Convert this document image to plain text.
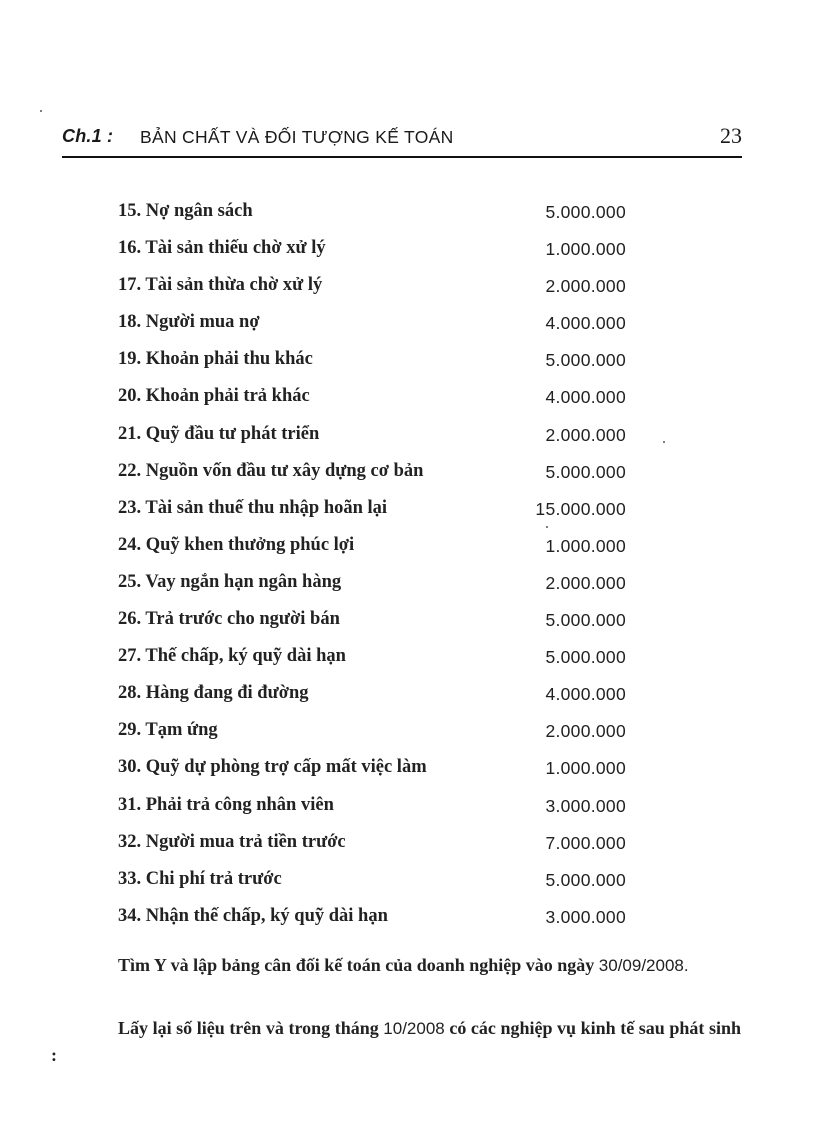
Ch.1 : BẢN CHẤT VÀ ĐỐI TƯỢNG KẾ TOÁN	23
15. Nợ ngân sách	5.000.000
16. Tài sản thiếu chờ xử lý	1.000.000
17. Tài sản thừa chờ xử lý	2.000.000
18. Người mua nợ	4.000.000
19. Khoản phải thu khác	5.000.000
20. Khoản phải trả khác	4.000.000
21. Quỹ đầu tư phát triển	2.000.000
22. Nguồn vốn đầu tư xây dựng cơ bản	5.000.000
23. Tài sản thuế thu nhập hoãn lại	15.000.000
24. Quỹ khen thưởng phúc lợi	1.000.000
25. Vay ngắn hạn ngân hàng	2.000.000
26. Trả trước cho người bán	5.000.000
27. Thế chấp, ký quỹ dài hạn	5.000.000
28. Hàng đang đi đường	4.000.000
29. Tạm ứng	2.000.000
30. Quỹ dự phòng trợ cấp mất việc làm	1.000.000
31. Phải trả công nhân viên	3.000.000
32. Người mua trả tiền trước	7.000.000
33. Chi phí trả trước	5.000.000
34. Nhận thế chấp, ký quỹ dài hạn	3.000.000
Tìm Y và lập bảng cân đối kế toán của doanh nghiệp vào ngày 30/09/2008.
Lấy lại số liệu trên và trong tháng 10/2008 có các nghiệp vụ kinh tế sau phát sinh :
